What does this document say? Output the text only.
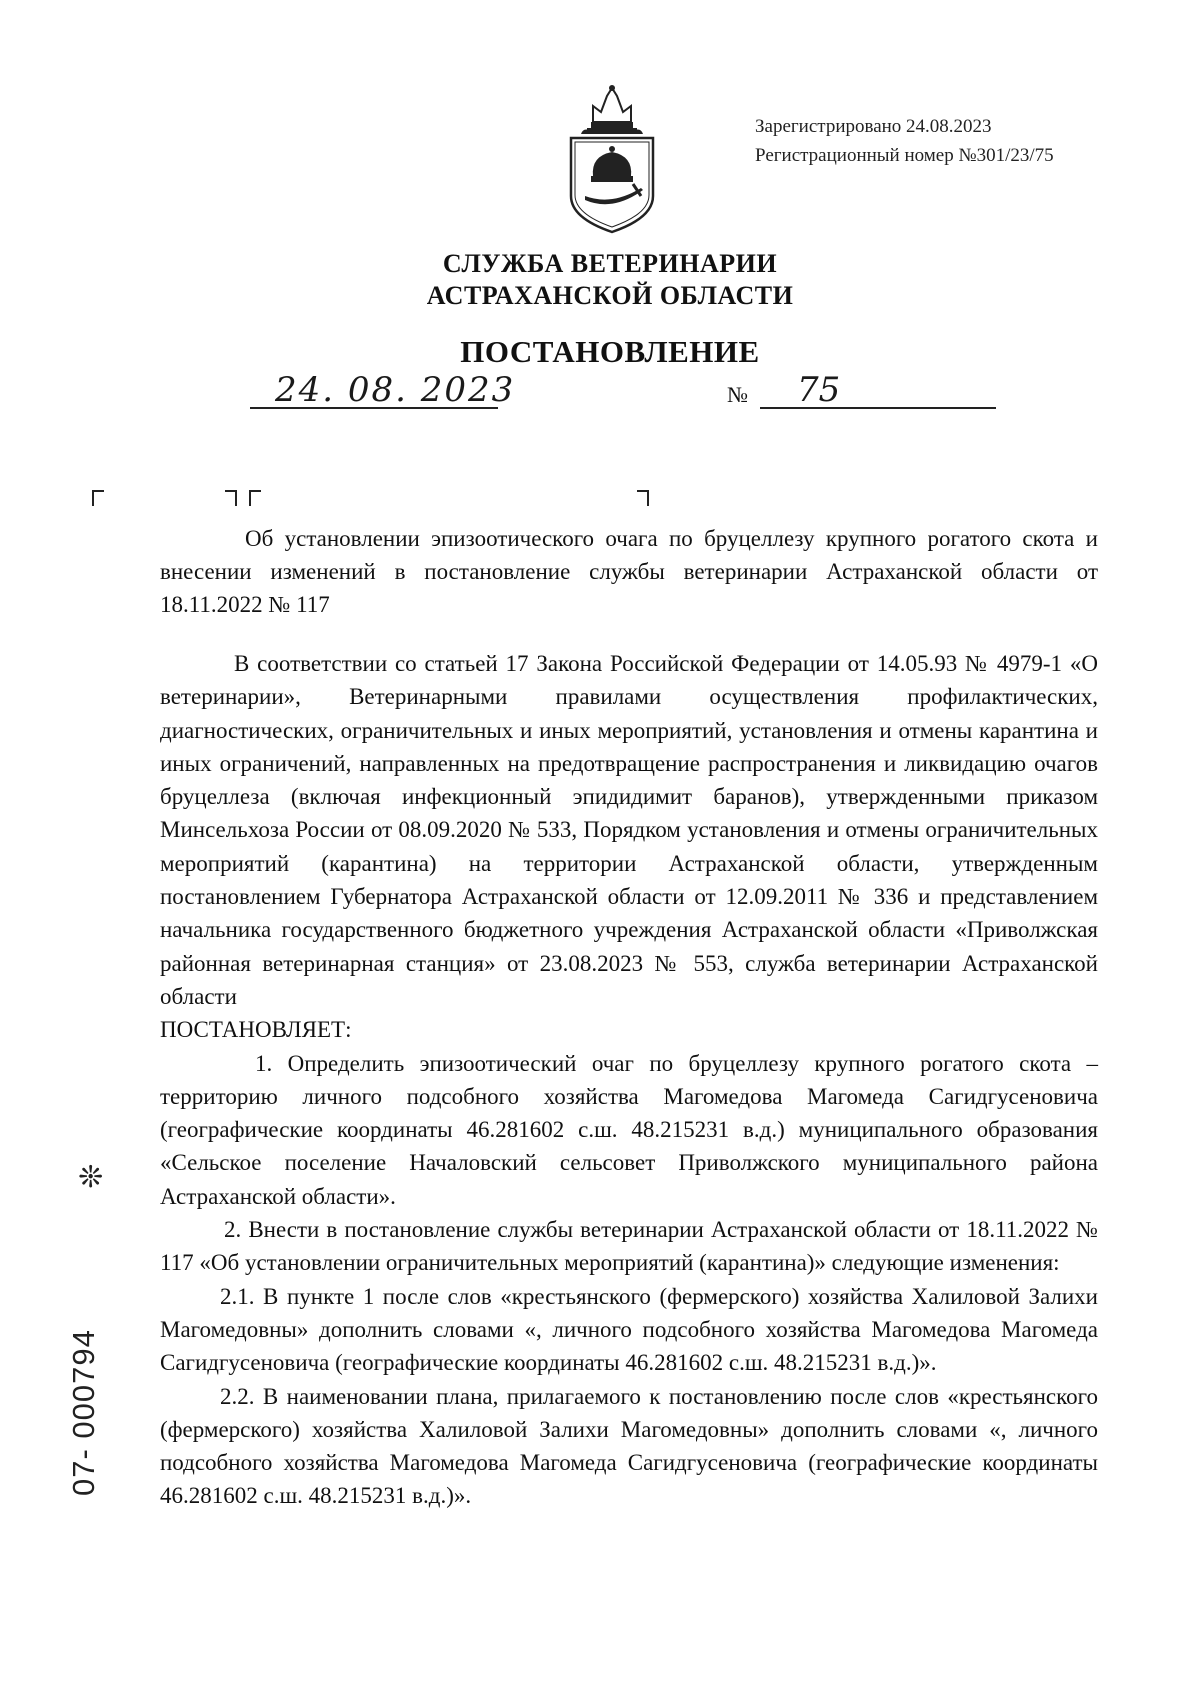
Зарегистрировано 24.08.2023
Регистрационный номер №301/23/75
СЛУЖБА ВЕТЕРИНАРИИ
АСТРАХАНСКОЙ ОБЛАСТИ
ПОСТАНОВЛЕНИЕ
24. 08. 2023	№ 75
Об установлении эпизоотического очага по бруцеллезу крупного рогатого скота и внесении изменений в постановление службы ветеринарии Астраханской области от 18.11.2022 № 117

В соответствии со статьей 17 Закона Российской Федерации от 14.05.93 № 4979-1 «О ветеринарии», Ветеринарными правилами осуществления профилактических, диагностических, ограничительных и иных мероприятий, установления и отмены карантина и иных ограничений, направленных на предотвращение распространения и ликвидацию очагов бруцеллеза (включая инфекционный эпидидимит баранов), утвержденными приказом Минсельхоза России от 08.09.2020 № 533, Порядком установления и отмены ограничительных мероприятий (карантина) на территории Астраханской области, утвержденным постановлением Губернатора Астраханской области от 12.09.2011 № 336 и представлением начальника государственного бюджетного учреждения Астраханской области «Приволжская районная ветеринарная станция» от 23.08.2023 № 553, служба ветеринарии Астраханской области

ПОСТАНОВЛЯЕТ:

1. Определить эпизоотический очаг по бруцеллезу крупного рогатого скота – территорию личного подсобного хозяйства Магомедова Магомеда Сагидгусеновича (географические координаты 46.281602 с.ш. 48.215231 в.д.) муниципального образования «Сельское поселение Началовский сельсовет Приволжского муниципального района Астраханской области».

2. Внести в постановление службы ветеринарии Астраханской области от 18.11.2022 № 117 «Об установлении ограничительных мероприятий (карантина)» следующие изменения:

2.1. В пункте 1 после слов «крестьянского (фермерского) хозяйства Халиловой Залихи Магомедовны» дополнить словами «, личного подсобного хозяйства Магомедова Магомеда Сагидгусеновича (географические координаты 46.281602 с.ш. 48.215231 в.д.)».

2.2. В наименовании плана, прилагаемого к постановлению после слов «крестьянского (фермерского) хозяйства Халиловой Залихи Магомедовны» дополнить словами «, личного подсобного хозяйства Магомедова Магомеда Сагидгусеновича (географические координаты 46.281602 с.ш. 48.215231 в.д.)».

❊
07- 000794
